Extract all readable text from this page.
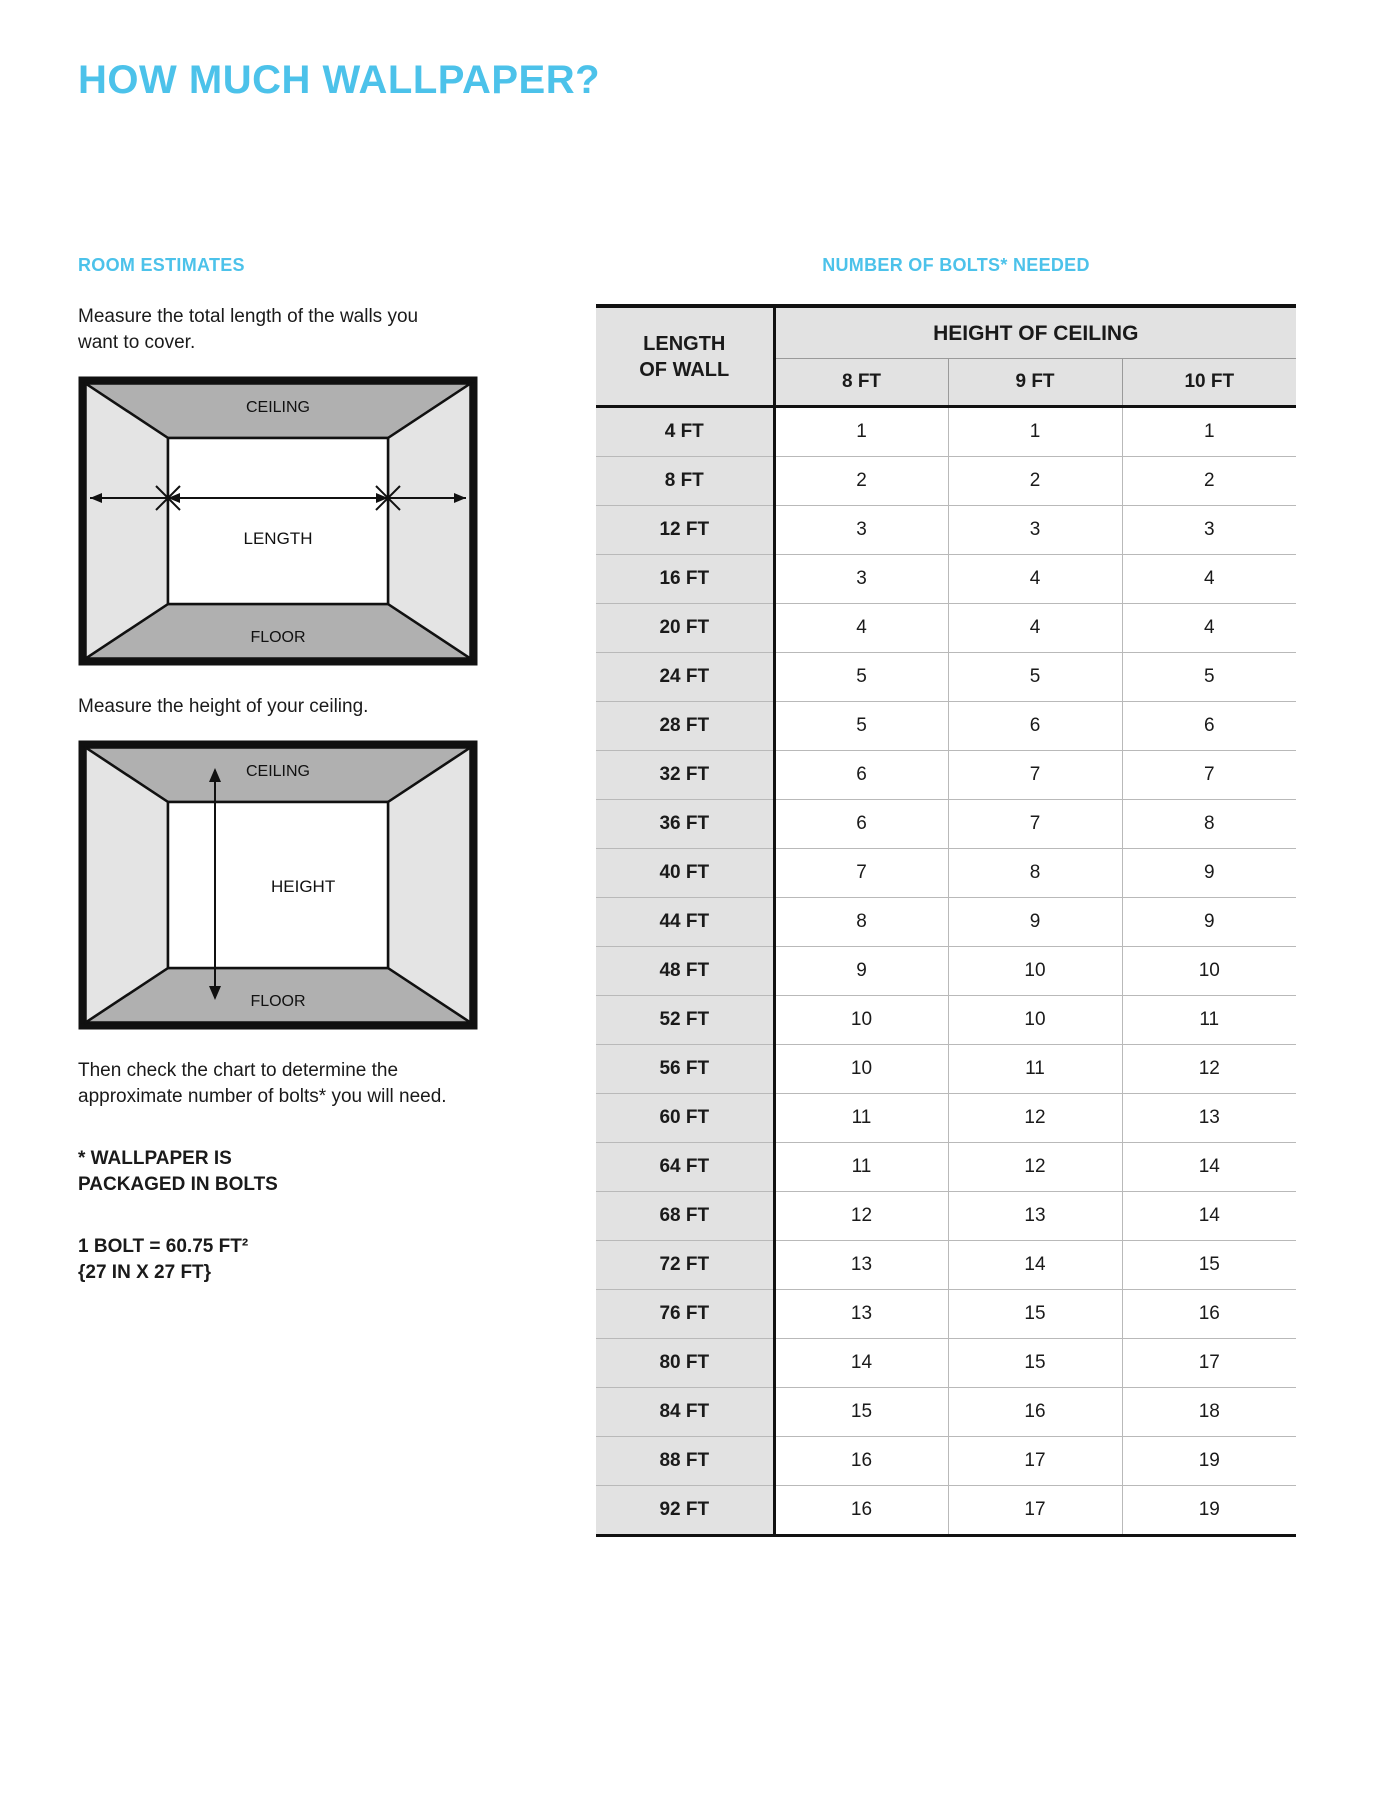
HOW MUCH WALLPAPER?
ROOM ESTIMATES

Measure the total length of the walls you want to cover.

CEILING
FLOOR
LENGTH

Measure the height of your ceiling.

CEILING
FLOOR
HEIGHT

Then check the chart to determine the approximate number of bolts* you will need.

* WALLPAPER IS

PACKAGED IN BOLTS

1 BOLT = 60.75 FT²

{27 IN X 27 FT}

NUMBER OF BOLTS* NEEDED
LENGTH
OF WALL	HEIGHT OF CEILING		
	8 FT	9 FT	10 FT
4 FT	1	1	1
8 FT	2	2	2
12 FT	3	3	3
16 FT	3	4	4
20 FT	4	4	4
24 FT	5	5	5
28 FT	5	6	6
32 FT	6	7	7
36 FT	6	7	8
40 FT	7	8	9
44 FT	8	9	9
48 FT	9	10	10
52 FT	10	10	11
56 FT	10	11	12
60 FT	11	12	13
64 FT	11	12	14
68 FT	12	13	14
72 FT	13	14	15
76 FT	13	15	16
80 FT	14	15	17
84 FT	15	16	18
88 FT	16	17	19
92 FT	16	17	19
